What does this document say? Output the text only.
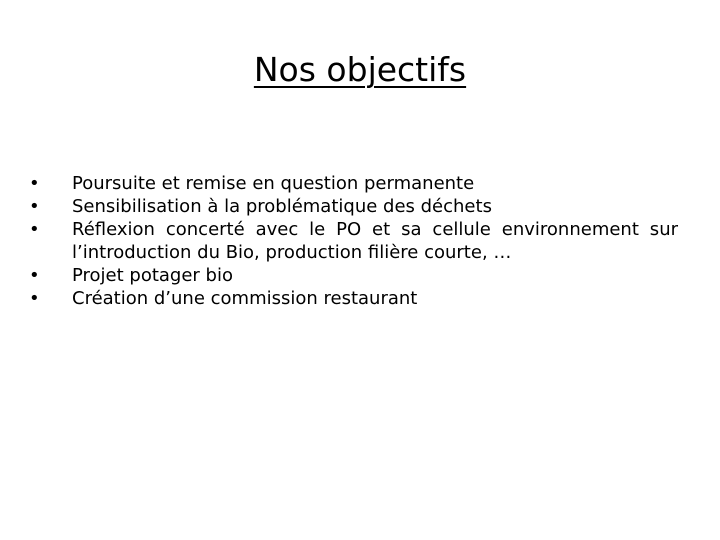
Nos objectifs
•	Poursuite et remise en question permanente
•	Sensibilisation à la problématique des déchets
•	Réflexion concerté avec le PO et sa cellule environnement sur l’introduction du Bio, production filière courte, …
•	Projet potager bio
•	Création d’une commission restaurant
